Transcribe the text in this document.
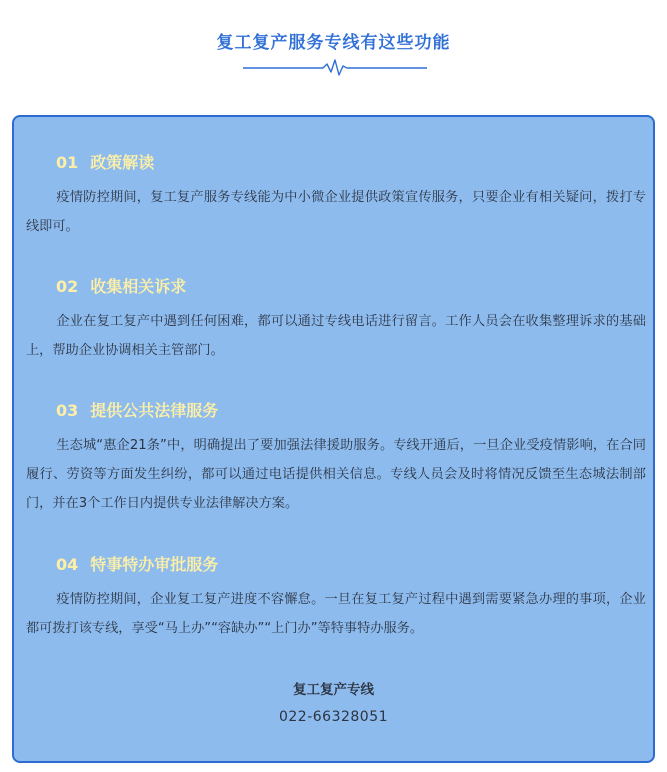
复工复产服务专线有这些功能
01 政策解读
疫情防控期间，复工复产服务专线能为中小微企业提供政策宣传服务，只要企业有相关疑问，拨打专线即可。
02 收集相关诉求
企业在复工复产中遇到任何困难，都可以通过专线电话进行留言。工作人员会在收集整理诉求的基础上，帮助企业协调相关主管部门。
03 提供公共法律服务
生态城“惠企21条”中，明确提出了要加强法律援助服务。专线开通后，一旦企业受疫情影响，在合同履行、劳资等方面发生纠纷，都可以通过电话提供相关信息。专线人员会及时将情况反馈至生态城法制部门，并在3个工作日内提供专业法律解决方案。
04 特事特办审批服务
疫情防控期间，企业复工复产进度不容懈怠。一旦在复工复产过程中遇到需要紧急办理的事项，企业都可拨打该专线，享受“马上办”“容缺办”“上门办”等特事特办服务。
复工复产专线
022-66328051
